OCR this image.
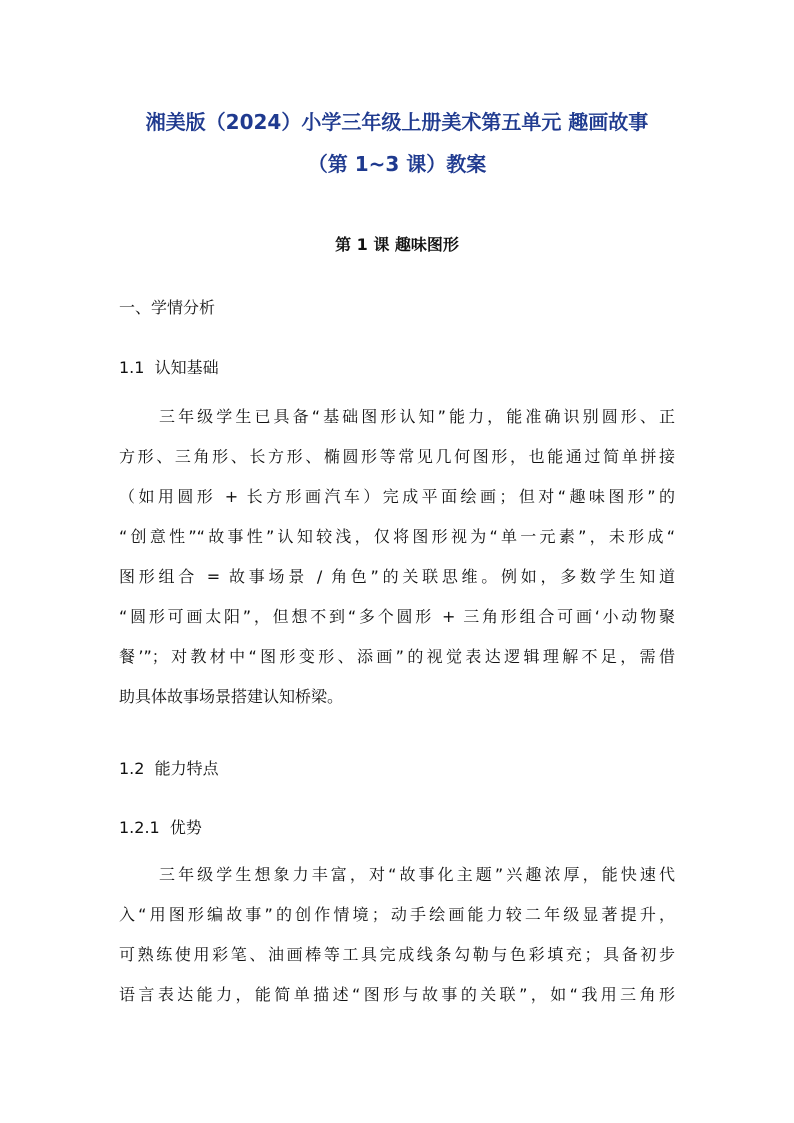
湘美版（2024）小学三年级上册美术第五单元 趣画故事
（第 1~3 课）教案
第 1 课 趣味图形
一、学情分析
1.1 认知基础
三年级学生已具备“基础图形认知”能力，能准确识别圆形、正
方形、三角形、长方形、椭圆形等常见几何图形，也能通过简单拼接
（如用圆形 + 长方形画汽车）完成平面绘画；但对“趣味图形”的
“创意性”“故事性”认知较浅，仅将图形视为“单一元素”，未形成“
图形组合 = 故事场景 / 角色”的关联思维。例如，多数学生知道
“圆形可画太阳”，但想不到“多个圆形 + 三角形组合可画‘小动物聚
餐’”；对教材中“图形变形、添画”的视觉表达逻辑理解不足，需借
助具体故事场景搭建认知桥梁。
1.2 能力特点
1.2.1 优势
三年级学生想象力丰富，对“故事化主题”兴趣浓厚，能快速代
入“用图形编故事”的创作情境；动手绘画能力较二年级显著提升，
可熟练使用彩笔、油画棒等工具完成线条勾勒与色彩填充；具备初步
语言表达能力，能简单描述“图形与故事的关联”，如“我用三角形
